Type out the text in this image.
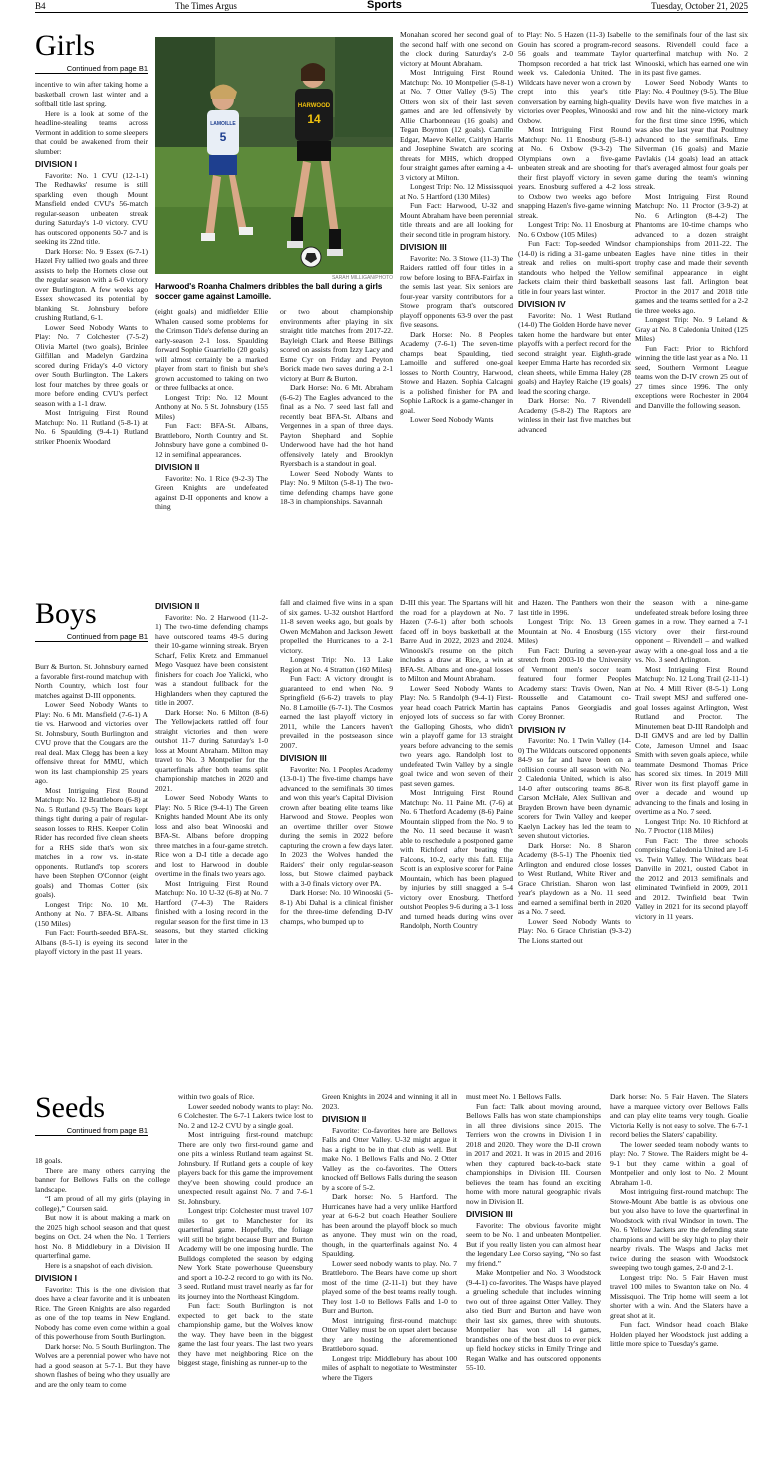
B4	The Times Argus	Sports	Tuesday, October 21, 2025
Girls
Continued from page B1

incentive to win after taking home a basketball crown last winter and a softball title last spring.

Here is a look at some of the headline-stealing teams across Vermont in addition to some sleepers that could be awakened from their slumber:

DIVISION I

Favorite: No. 1 CVU (12-1-1) The Redhawks' resume is still sparkling even though Mount Mansfield ended CVU's 56-match regular-season unbeaten streak during Saturday's 1-0 victory. CVU has outscored opponents 50-7 and is seeking its 22nd title.

Dark Horse: No. 9 Essex (6-7-1) Hazel Fry tallied two goals and three assists to help the Hornets close out the regular season with a 6-0 victory over Burlington. A few weeks ago Essex showcased its potential by blanking St. Johnsbury before crushing Rutland, 6-1.

Lower Seed Nobody Wants to Play: No. 7 Colchester (7-5-2) Olivia Martel (two goals), Brinlee Gilfillan and Madelyn Gardzina scored during Friday's 4-0 victory over South Burlington. The Lakers lost four matches by three goals or more before ending CVU's perfect season with a 1-1 draw.

Most Intriguing First Round Matchup: No. 11 Rutland (5-8-1) at No. 6 Spaulding (9-4-1) Rutland striker Phoenix Woodard

LAMOILLE
5
HARWOOD
14
SARAH MILLIGAN/PHOTO
Harwood's Roanha Chalmers dribbles the ball during a girls soccer game against Lamoille.

(eight goals) and midfielder Ellie Whalen caused some problems for the Crimson Tide's defense during an early-season 2-1 loss. Spaulding forward Sophie Guarriello (20 goals) will almost certainly be a marked player from start to finish but she's grown accustomed to taking on two or three fullbacks at once.

Longest Trip: No. 12 Mount Anthony at No. 5 St. Johnsbury (155 Miles)

Fun Fact: BFA-St. Albans, Brattleboro, North Country and St. Johnsbury have gone a combined 0-12 in semifinal appearances.

DIVISION II

Favorite: No. 1 Rice (9-2-3) The Green Knights are undefeated against D-II opponents and know a thing

or two about championship environments after playing in six straight title matches from 2017-22. Bayleigh Clark and Reese Billings scored on assists from Izzy Lacy and Esme Cyr on Friday and Peyton Borick made two saves during a 2-1 victory at Burr & Burton.

Dark Horse: No. 6 Mt. Abraham (6-6-2) The Eagles advanced to the final as a No. 7 seed last fall and recently beat BFA-St. Albans and Vergennes in a span of three days. Payton Shephard and Sophie Underwood have had the hot hand offensively lately and Brooklyn Ryersbach is a standout in goal.

Lower Seed Nobody Wants to Play: No. 9 Milton (5-8-1) The two-time defending champs have gone 18-3 in championships. Savannah

Monahan scored her second goal of the second half with one second on the clock during Saturday's 2-0 victory at Mount Abraham.

Most Intriguing First Round Matchup: No. 10 Montpelier (5-8-1) at No. 7 Otter Valley (9-5) The Otters won six of their last seven games and are led offensively by Allie Charbonneau (16 goals) and Tegan Boynton (12 goals). Camille Edgar, Maeve Keller, Caitlyn Harris and Josephine Swatch are scoring threats for MHS, which dropped four straight games after earning a 4-3 victory at Milton.

Longest Trip: No. 12 Mississquoi at No. 5 Hartford (130 Miles)

Fun Fact: Harwood, U-32 and Mount Abraham have been perennial title threats and are all looking for their second title in program history.

DIVISION III

Favorite: No. 3 Stowe (11-3) The Raiders rattled off four titles in a row before losing to BFA-Fairfax in the semis last year. Six seniors are four-year varsity contributors for a Stowe program that's outscored playoff opponents 63-9 over the past five seasons.

Dark Horse: No. 8 Peoples Academy (7-6-1) The seven-time champs beat Spaulding, tied Lamoille and suffered one-goal losses to North Country, Harwood, Stowe and Hazen. Sophia Calcagni is a polished finisher for PA and Sophie LaRock is a game-changer in goal.

Lower Seed Nobody Wants

to Play: No. 5 Hazen (11-3) Isabelle Gouin has scored a program-record 56 goals and teammate Taylor Thompson recorded a hat trick last week vs. Caledonia United. The Wildcats have never won a crown by crept into this year's title conversation by earning high-quality victories over Peoples, Winooski and Oxbow.

Most Intriguing First Round Matchup: No. 11 Enosburg (5-8-1) at No. 6 Oxbow (9-3-2) The Olympians own a five-game unbeaten streak and are shooting for their first playoff victory in seven years. Enosburg suffered a 4-2 loss to Oxbow two weeks ago before snapping Hazen's five-game winning streak.

Longest Trip: No. 11 Enosburg at No. 6 Oxbow (105 Miles)

Fun Fact: Top-seeded Windsor (14-0) is riding a 31-game unbeaten streak and relies on multi-sport standouts who helped the Yellow Jackets claim their third basketball title in four years last winter.

DIVISION IV

Favorite: No. 1 West Rutland (14-0) The Golden Horde have never taken home the hardware but enter playoffs with a perfect record for the second straight year. Eighth-grade keeper Emma Harte has recorded six clean sheets, while Emma Haley (28 goals) and Hayley Raiche (19 goals) lead the scoring charge.

Dark Horse: No. 7 Rivendell Academy (5-8-2) The Raptors are winless in their last five matches but advanced

to the semifinals four of the last six seasons. Rivendell could face a quarterfinal matchup with No. 2 Winooski, which has earned one win in its past five games.

Lower Seed Nobody Wants to Play: No. 4 Poultney (9-5). The Blue Devils have won five matches in a row and hit the nine-victory mark for the first time since 1996, which was also the last year that Poultney advanced to the semifinals. Eme Silverman (16 goals) and Mazie Pavlakis (14 goals) lead an attack that's averaged almost four goals per game during the team's winning streak.

Most Intriguing First Round Matchup: No. 11 Proctor (3-9-2) at No. 6 Arlington (8-4-2) The Phantoms are 10-time champs who advanced to a dozen straight championships from 2011-22. The Eagles have nine titles in their trophy case and made their seventh semifinal appearance in eight seasons last fall. Arlington beat Proctor in the 2017 and 2018 title games and the teams settled for a 2-2 tie three weeks ago.

Longest Trip: No. 9 Leland & Gray at No. 8 Caledonia United (125 Miles)

Fun Fact: Prior to Richford winning the title last year as a No. 11 seed, Southern Vermont League teams won the D-IV crown 25 out of 27 times since 1996. The only exceptions were Rochester in 2004 and Danville the following season.

Boys
Continued from page B1

Burr & Burton. St. Johnsbury earned a favorable first-round matchup with North Country, which lost four matches against D-III opponents.

Lower Seed Nobody Wants to Play: No. 6 Mt. Mansfield (7-6-1) A tie vs. Harwood and victories over St. Johnsbury, South Burlington and CVU prove that the Cougars are the real deal. Max Clegg has been a key offensive threat for MMU, which won its last championship 25 years ago.

Most Intriguing First Round Matchup: No. 12 Brattleboro (6-8) at No. 5 Rutland (9-5) The Bears kept things tight during a pair of regular-season losses to RHS. Keeper Colin Rider has recorded five clean sheets for a RHS side that's won six matches in a row vs. in-state opponents. Rutland's top scorers have been Stephen O'Connor (eight goals) and Thomas Cotter (six goals).

Longest Trip: No. 10 Mt. Anthony at No. 7 BFA-St. Albans (150 Miles)

Fun Fact: Fourth-seeded BFA-St. Albans (8-5-1) is eyeing its second playoff victory in the past 11 years.

DIVISION II

Favorite: No. 2 Harwood (11-2-1) The two-time defending champs have outscored teams 49-5 during their 10-game winning streak. Bryen Scharf, Felix Kretz and Emmanuel Mego Vasquez have been consistent finishers for coach Joe Yalicki, who was a standout fullback for the Highlanders when they captured the title in 2007.

Dark Horse: No. 6 Milton (8-6) The Yellowjackets rattled off four straight victories and then were outshot 11-7 during Saturday's 1-0 loss at Mount Abraham. Milton may travel to No. 3 Montpelier for the quarterfinals after both teams split championship matches in 2020 and 2021.

Lower Seed Nobody Wants to Play: No. 5 Rice (9-4-1) The Green Knights handed Mount Abe its only loss and also beat Winooski and BFA-St. Albans before dropping three matches in a four-game stretch. Rice won a D-I title a decade ago and lost to Harwood in double overtime in the finals two years ago.

Most Intriguing First Round Matchup: No. 10 U-32 (6-8) at No. 7 Hartford (7-4-3) The Raiders finished with a losing record in the regular season for the first time in 13 seasons, but they started clicking later in the

fall and claimed five wins in a span of six games. U-32 outshot Hartford 11-8 seven weeks ago, but goals by Owen McMahon and Jackson Jewett propelled the Hurricanes to a 2-1 victory.

Longest Trip: No. 13 Lake Region at No. 4 Stratton (160 Miles)

Fun Fact: A victory drought is guaranteed to end when No. 9 Springfield (6-6-2) travels to play No. 8 Lamoille (6-7-1). The Cosmos earned the last playoff victory in 2011, while the Lancers haven't prevailed in the postseason since 2007.

DIVISION III

Favorite: No. 1 Peoples Academy (13-0-1) The five-time champs have advanced to the semifinals 30 times and won this year's Capital Division crown after beating elite teams like Harwood and Stowe. Peoples won an overtime thriller over Stowe during the semis in 2022 before capturing the crown a few days later. In 2023 the Wolves handed the Raiders' their only regular-season loss, but Stowe claimed payback with a 3-0 finals victory over PA.

Dark Horse: No. 10 Winooski (5-8-1) Abi Dahal is a clinical finisher for the three-time defending D-IV champs, who bumped up to

D-III this year. The Spartans will hit the road for a playdown at No. 7 Hazen (7-6-1) after both schools faced off in boys basketball at the Barre Aud in 2022, 2023 and 2024. Winooski's resume on the pitch includes a draw at Rice, a win at BFA-St. Albans and one-goal losses to Milton and Mount Abraham.

Lower Seed Nobody Wants to Play: No. 5 Randolph (9-4-1) First-year head coach Patrick Martin has enjoyed lots of success so far with the Galloping Ghosts, who didn't win a playoff game for 13 straight years before advancing to the semis two years ago. Randolph lost to undefeated Twin Valley by a single goal twice and won seven of their past seven games.

Most Intriguing First Round Matchup: No. 11 Paine Mt. (7-6) at No. 6 Thetford Academy (8-6) Paine Mountain slipped from the No. 9 to the No. 11 seed because it wasn't able to reschedule a postponed game with Richford after beating the Falcons, 10-2, early this fall. Elija Scott is an explosive scorer for Paine Mountain, which has been plagued by injuries by still snagged a 5-4 victory over Enosburg. Thetford outshot Peoples 9-6 during a 3-1 loss and turned heads during wins over Randolph, North Country

and Hazen. The Panthers won their last title in 1996.

Longest Trip: No. 13 Green Mountain at No. 4 Enosburg (155 Miles)

Fun Fact: During a seven-year stretch from 2003-10 the University of Vermont men's soccer team featured four former Peoples Academy stars: Travis Owen, Nan Rousselle and Catamount co-captains Panos Georgiadis and Corey Bronner.

DIVISION IV

Favorite: No. 1 Twin Valley (14-0) The Wildcats outscored opponents 84-9 so far and have been on a collision course all season with No. 2 Caledonia United, which is also 14-0 after outscoring teams 86-8. Carson McHale, Alex Sullivan and Brayden Brown have been dynamic scorers for Twin Valley and keeper Kaelyn Lackey has led the team to seven shutout victories.

Dark Horse: No. 8 Sharon Academy (8-5-1) The Phoenix tied Arlington and endured close losses to West Rutland, White River and Grace Christian. Sharon won last year's playdown as a No. 11 seed and earned a semifinal berth in 2020 as a No. 7 seed.

Lower Seed Nobody Wants to Play: No. 6 Grace Christian (9-3-2) The Lions started out

the season with a nine-game undefeated streak before losing three games in a row. They earned a 7-1 victory over their first-round opponent – Rivendell – and walked away with a one-goal loss and a tie vs. No. 3 seed Arlington.

Most Intriguing First Round Matchup: No. 12 Long Trail (2-11-1) at No. 4 Mill River (8-5-1) Long Trail swept MSJ and suffered one-goal losses against Arlington, West Rutland and Proctor. The Minutemen beat D-III Randolph and D-II GMVS and are led by Dallin Cote, Jameson Umnel and Isaac Smith with seven goals apiece, while teammate Desmond Thomas Price has scored six times. In 2019 Mill River won its first playoff game in over a decade and wound up advancing to the finals and losing in overtime as a No. 7 seed.

Longest Trip: No. 10 Richford at No. 7 Proctor (118 Miles)

Fun Fact: The three schools comprising Caledonia United are 1-6 vs. Twin Valley. The Wildcats beat Danville in 2021, ousted Cabot in the 2012 and 2013 semifinals and eliminated Twinfield in 2009, 2011 and 2012. Twinfield beat Twin Valley in 2021 for its second playoff victory in 11 years.

Seeds
Continued from page B1

18 goals.

There are many others carrying the banner for Bellows Falls on the college landscape.

“I am proud of all my girls (playing in college),” Coursen said.

But now it is about making a mark on the 2025 high school season and that quest begins on Oct. 24 when the No. 1 Terriers host No. 8 Middlebury in a Division II quarterfinal game.

Here is a snapshot of each division.

DIVISION I

Favorite: This is the one division that does have a clear favorite and it is unbeaten Rice. The Green Knights are also regarded as one of the top teams in New England. Nobody has come even come within a goal of this powerhouse from South Burlington.

Dark horse: No. 5 South Burlington. The Wolves are a perennial power who have not had a good season at 5-7-1. But they have shown flashes of being who they usually are and are the only team to come

within two goals of Rice.

Lower seeded nobody wants to play: No. 6 Colchester. The 6-7-1 Lakers twice lost to No. 2 and 12-2 CVU by a single goal.

Most intriguing first-round matchup: There are only two first-round game and one pits a winless Rutland team against St. Johnsbury. If Rutland gets a couple of key players back for this game the improvement they've been showing could produce an unexpected result against No. 7 and 7-6-1 St. Johnsbury.

Longest trip: Colchester must travel 107 miles to get to Manchester for its quarterfinal game. Hopefully, the foliage will still be bright because Burr and Burton Academy will be one imposing hurdle. The Bulldogs completed the season by edging New York State powerhouse Queensbury and sport a 10-2-2 record to go with its No. 3 seed. Rutland must travel nearly as far for its journey into the Northeast Kingdom.

Fun fact: South Burlington is not expected to get back to the state championship game, but the Wolves know the way. They have been in the biggest game the last four years. The last two years they have met neighboring Rice on the biggest stage, finishing as runner-up to the

Green Knights in 2024 and winning it all in 2023.

DIVISION II

Favorite: Co-favorites here are Bellows Falls and Otter Valley. U-32 might argue it has a right to be in that club as well. But make No. 1 Bellows Falls and No. 2 Otter Valley as the co-favorites. The Otters knocked off Bellows Falls during the season by a score of 5-2.

Dark horse: No. 5 Hartford. The Hurricanes have had a very unlike Hartford year at 6-6-2 but coach Heather Souliere has been around the playoff block so much as anyone. They must win on the road, though, in the quarterfinals against No. 4 Spaulding.

Lower seed nobody wants to play. No. 7 Brattleboro. The Bears have come up short most of the time (2-11-1) but they have played some of the best teams really tough. They lost 1-0 to Bellows Falls and 1-0 to Burr and Burton.

Most intriguing first-round matchup: Otter Valley must be on upset alert because they are hosting the aforementioned Brattleboro squad.

Longest trip: Middlebury has about 100 miles of asphalt to negotiate to Westminster where the Tigers

must meet No. 1 Bellows Falls.

Fun fact: Talk about moving around, Bellows Falls has won state championships in all three divisions since 2015. The Terriers won the crowns in Division I in 2018 and 2020. They wore the D-II crown in 2017 and 2021. It was in 2015 and 2016 when they captured back-to-back state championships in Division III. Coursen believes the team has found an exciting home with more natural geographic rivals now in Division II.

DIVISION III

Favorite: The obvious favorite might seem to be No. 1 and unbeaten Montpelier. But if you really listen you can almost hear the legendary Lee Corso saying, “No so fast my friend.”

Make Montpelier and No. 3 Woodstock (9-4-1) co-favorites. The Wasps have played a grueling schedule that includes winning two out of three against Otter Valley. They also tied Burr and Burton and have won their last six games, three with shutouts. Montpelier has won all 14 games, brandishes one of the best duos to ever pick up field hockey sticks in Emily Tringe and Regan Walke and has outscored opponents 55-10.

Dark horse: No. 5 Fair Haven. The Slaters have a marquee victory over Bellows Falls and can play elite teams very tough. Goalie Victoria Kelly is not easy to solve. The 6-7-1 record belies the Slaters' capability.

The lower seeded team nobody wants to play: No. 7 Stowe. The Raiders might be 4-9-1 but they came within a goal of Montpelier and only lost to No. 2 Mount Abraham 1-0.

Most intriguing first-round matchup: The Stowe-Mount Abe battle is as obvious one but you also have to love the quarterfinal in Woodstock with rival Windsor in town. The No. 6 Yellow Jackets are the defending state champions and will be sky high to play their nearby rivals. The Wasps and Jacks met twice during the season with Woodstock sweeping two tough games, 2-0 and 2-1.

Longest trip: No. 5 Fair Haven must travel 100 miles to Swanton take on No. 4 Missisquoi. The Trip home will seem a lot shorter with a win. And the Slaters have a great shot at it.

Fun fact. Windsor head coach Blake Holden played her Woodstock just adding a little more spice to Tuesday's game.
